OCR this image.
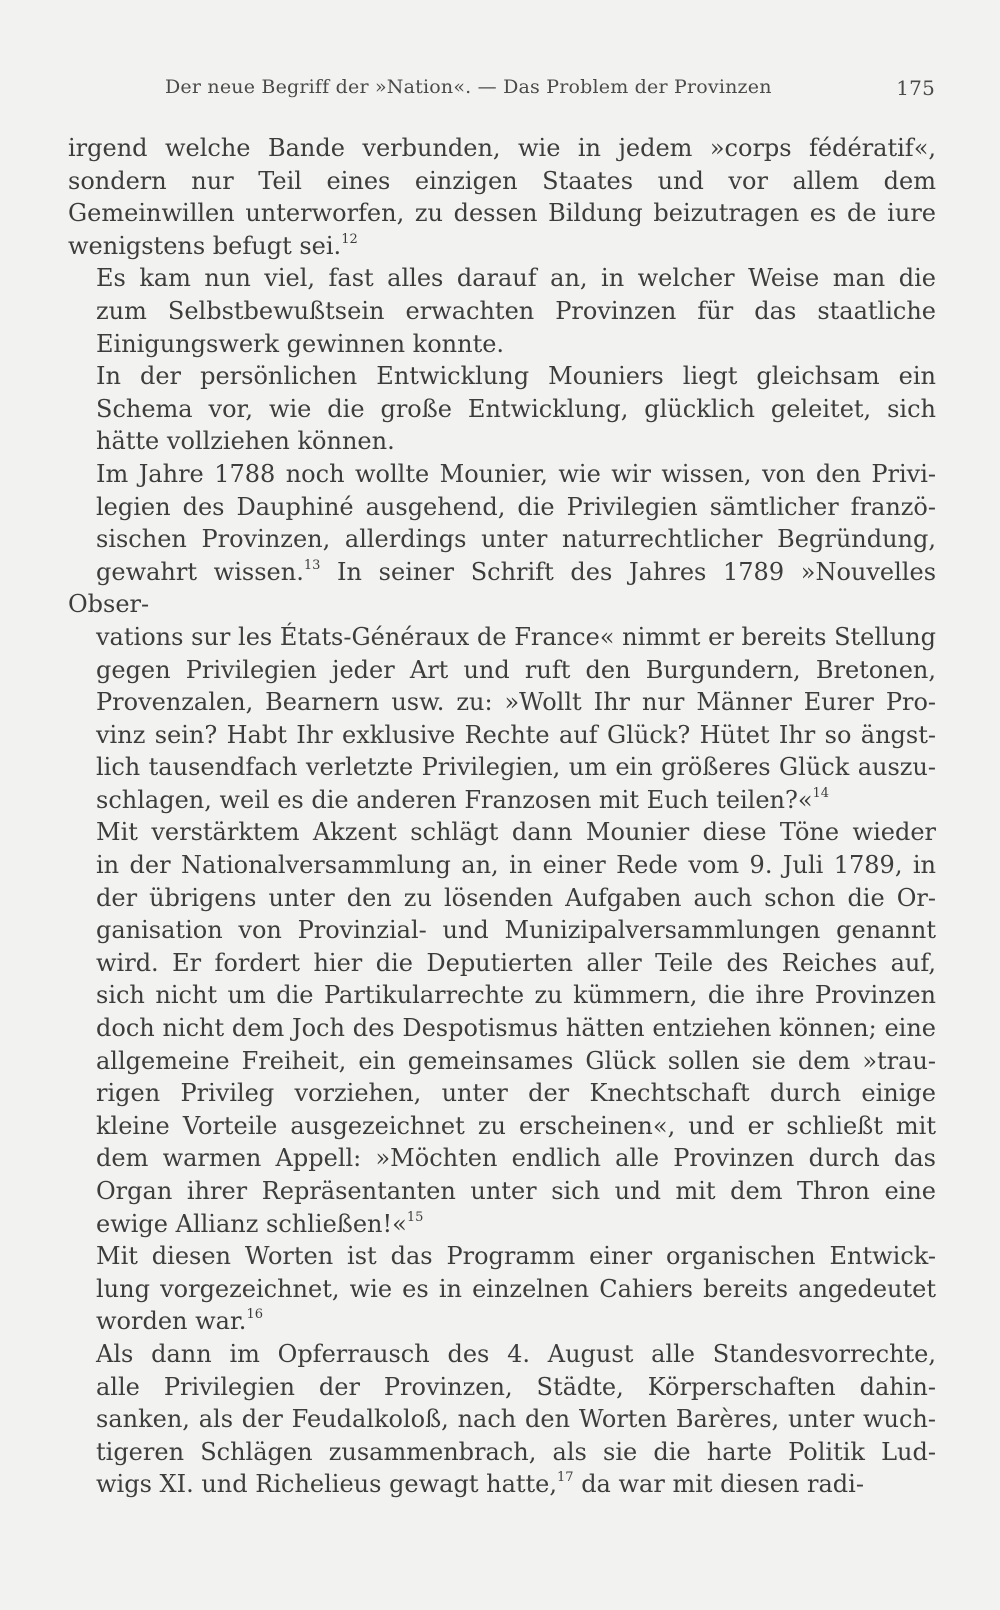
Der neue Begriff der »Nation«. — Das Problem der Provinzen	175
irgend welche Bande verbunden, wie in jedem »corps fédératif«,
sondern nur Teil eines einzigen Staates und vor allem dem
Gemeinwillen unterworfen, zu dessen Bildung beizutragen es de iure
wenigstens befugt sei.$^{12}$
Es kam nun viel, fast alles darauf an, in welcher Weise man die
zum Selbstbewußtsein erwachten Provinzen für das staatliche
Einigungswerk gewinnen konnte.
In der persönlichen Entwicklung Mouniers liegt gleichsam ein
Schema vor, wie die große Entwicklung, glücklich geleitet, sich
hätte vollziehen können.
Im Jahre 1788 noch wollte Mounier, wie wir wissen, von den Privi-
legien des Dauphiné ausgehend, die Privilegien sämtlicher franzö-
sischen Provinzen, allerdings unter naturrechtlicher Begründung,
gewahrt wissen.$^{13}$ In seiner Schrift des Jahres 1789 »Nouvelles Obser-
vations sur les États-Généraux de France« nimmt er bereits Stellung
gegen Privilegien jeder Art und ruft den Burgundern, Bretonen,
Provenzalen, Bearnern usw. zu: »Wollt Ihr nur Männer Eurer Pro-
vinz sein? Habt Ihr exklusive Rechte auf Glück? Hütet Ihr so ängst-
lich tausendfach verletzte Privilegien, um ein größeres Glück auszu-
schlagen, weil es die anderen Franzosen mit Euch teilen?«$^{14}$
Mit verstärktem Akzent schlägt dann Mounier diese Töne wieder
in der Nationalversammlung an, in einer Rede vom 9. Juli 1789, in
der übrigens unter den zu lösenden Aufgaben auch schon die Or-
ganisation von Provinzial- und Munizipalversammlungen genannt
wird. Er fordert hier die Deputierten aller Teile des Reiches auf,
sich nicht um die Partikularrechte zu kümmern, die ihre Provinzen
doch nicht dem Joch des Despotismus hätten entziehen können; eine
allgemeine Freiheit, ein gemeinsames Glück sollen sie dem »trau-
rigen Privileg vorziehen, unter der Knechtschaft durch einige
kleine Vorteile ausgezeichnet zu erscheinen«, und er schließt mit
dem warmen Appell: »Möchten endlich alle Provinzen durch das
Organ ihrer Repräsentanten unter sich und mit dem Thron eine
ewige Allianz schließen!«$^{15}$
Mit diesen Worten ist das Programm einer organischen Entwick-
lung vorgezeichnet, wie es in einzelnen Cahiers bereits angedeutet
worden war.$^{16}$
Als dann im Opferrausch des 4. August alle Standesvorrechte,
alle Privilegien der Provinzen, Städte, Körperschaften dahin-
sanken, als der Feudalkoloß, nach den Worten Barères, unter wuch-
tigeren Schlägen zusammenbrach, als sie die harte Politik Lud-
wigs XI. und Richelieus gewagt hatte,$^{17}$ da war mit diesen radi-
